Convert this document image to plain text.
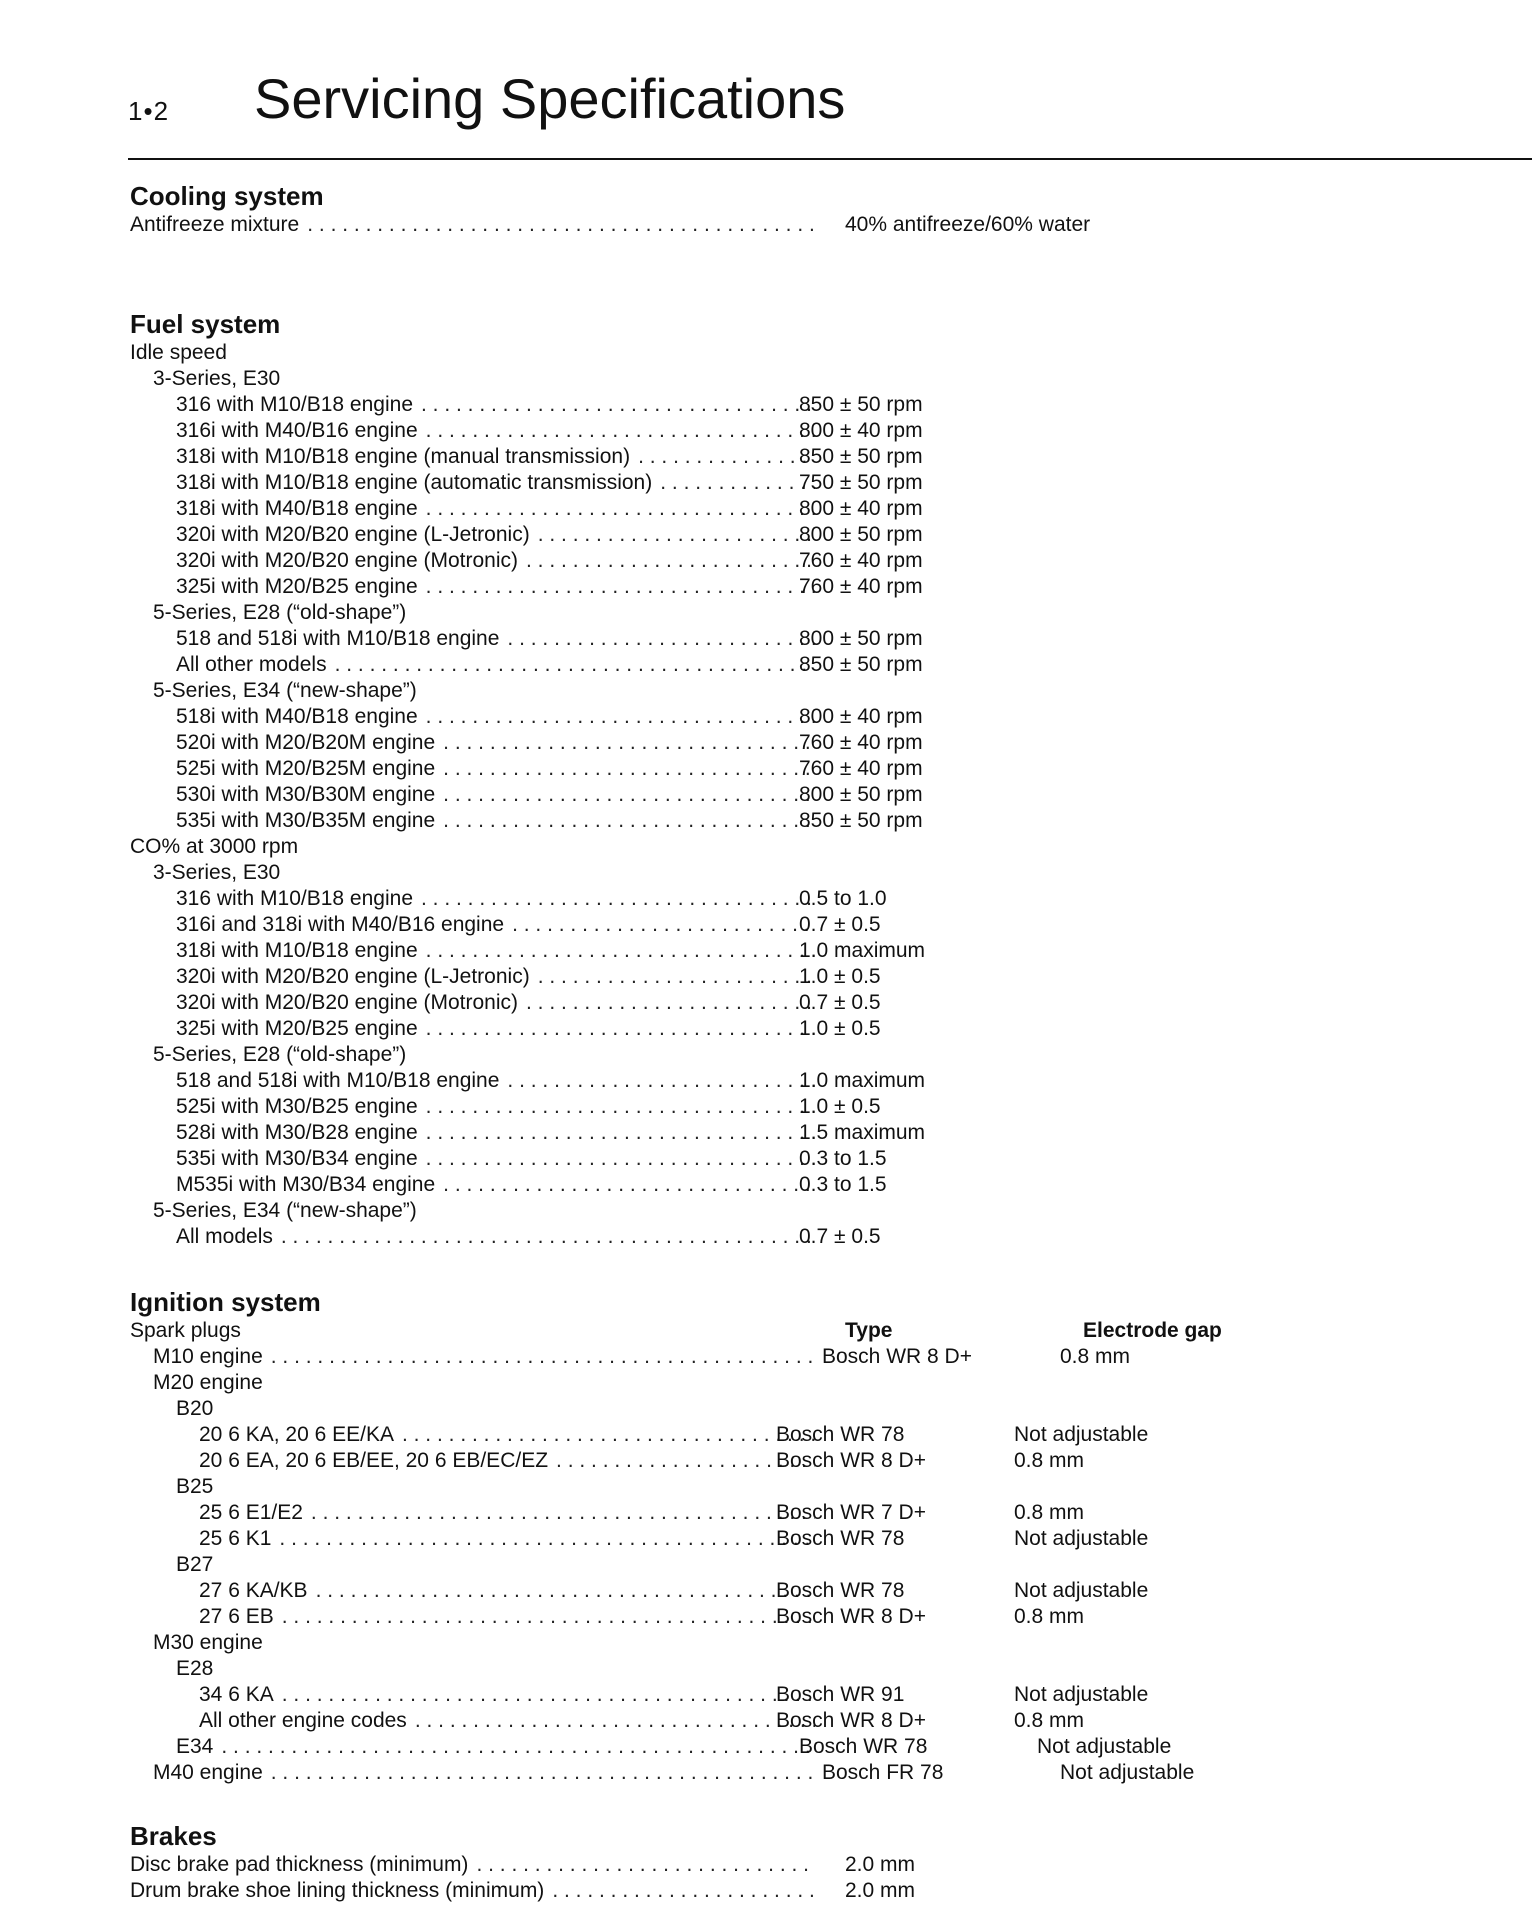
1•2 Servicing Specifications
Cooling system
Antifreeze mixture . . .	40% antifreeze/60% water
Fuel system
Idle speed
3-Series, E30
316 with M10/B18 engine . . .	850 ± 50 rpm
316i with M40/B16 engine . . .	800 ± 40 rpm
318i with M10/B18 engine (manual transmission) . . .	850 ± 50 rpm
318i with M10/B18 engine (automatic transmission) . . .	750 ± 50 rpm
318i with M40/B18 engine . . .	800 ± 40 rpm
320i with M20/B20 engine (L-Jetronic) . . .	800 ± 50 rpm
320i with M20/B20 engine (Motronic) . . .	760 ± 40 rpm
325i with M20/B25 engine . . .	760 ± 40 rpm
5-Series, E28 (“old-shape”)
518 and 518i with M10/B18 engine . . .	800 ± 50 rpm
All other models . . .	850 ± 50 rpm
5-Series, E34 (“new-shape”)
518i with M40/B18 engine . . .	800 ± 40 rpm
520i with M20/B20M engine . . .	760 ± 40 rpm
525i with M20/B25M engine . . .	760 ± 40 rpm
530i with M30/B30M engine . . .	800 ± 50 rpm
535i with M30/B35M engine . . .	850 ± 50 rpm
CO% at 3000 rpm
3-Series, E30
316 with M10/B18 engine . . .	0.5 to 1.0
316i and 318i with M40/B16 engine . . .	0.7 ± 0.5
318i with M10/B18 engine . . .	1.0 maximum
320i with M20/B20 engine (L-Jetronic) . . .	1.0 ± 0.5
320i with M20/B20 engine (Motronic) . . .	0.7 ± 0.5
325i with M20/B25 engine . . .	1.0 ± 0.5
5-Series, E28 (“old-shape”)
518 and 518i with M10/B18 engine . . .	1.0 maximum
525i with M30/B25 engine . . .	1.0 ± 0.5
528i with M30/B28 engine . . .	1.5 maximum
535i with M30/B34 engine . . .	0.3 to 1.5
M535i with M30/B34 engine . . .	0.3 to 1.5
5-Series, E34 (“new-shape”)
All models . . .	0.7 ± 0.5
Ignition system
Spark plugs	Type	Electrode gap
M10 engine . . .	Bosch WR 8 D+	0.8 mm
M20 engine
B20
20 6 KA, 20 6 EE/KA . . .	Bosch WR 78	Not adjustable
20 6 EA, 20 6 EB/EE, 20 6 EB/EC/EZ . . .	Bosch WR 8 D+	0.8 mm
B25
25 6 E1/E2 . . .	Bosch WR 7 D+	0.8 mm
25 6 K1 . . .	Bosch WR 78	Not adjustable
B27
27 6 KA/KB . . .	Bosch WR 78	Not adjustable
27 6 EB . . .	Bosch WR 8 D+	0.8 mm
M30 engine
E28
34 6 KA . . .	Bosch WR 91	Not adjustable
All other engine codes . . .	Bosch WR 8 D+	0.8 mm
E34 . . .	Bosch WR 78	Not adjustable
M40 engine . . .	Bosch FR 78	Not adjustable
Brakes
Disc brake pad thickness (minimum) . . .	2.0 mm
Drum brake shoe lining thickness (minimum) . . .	2.0 mm
